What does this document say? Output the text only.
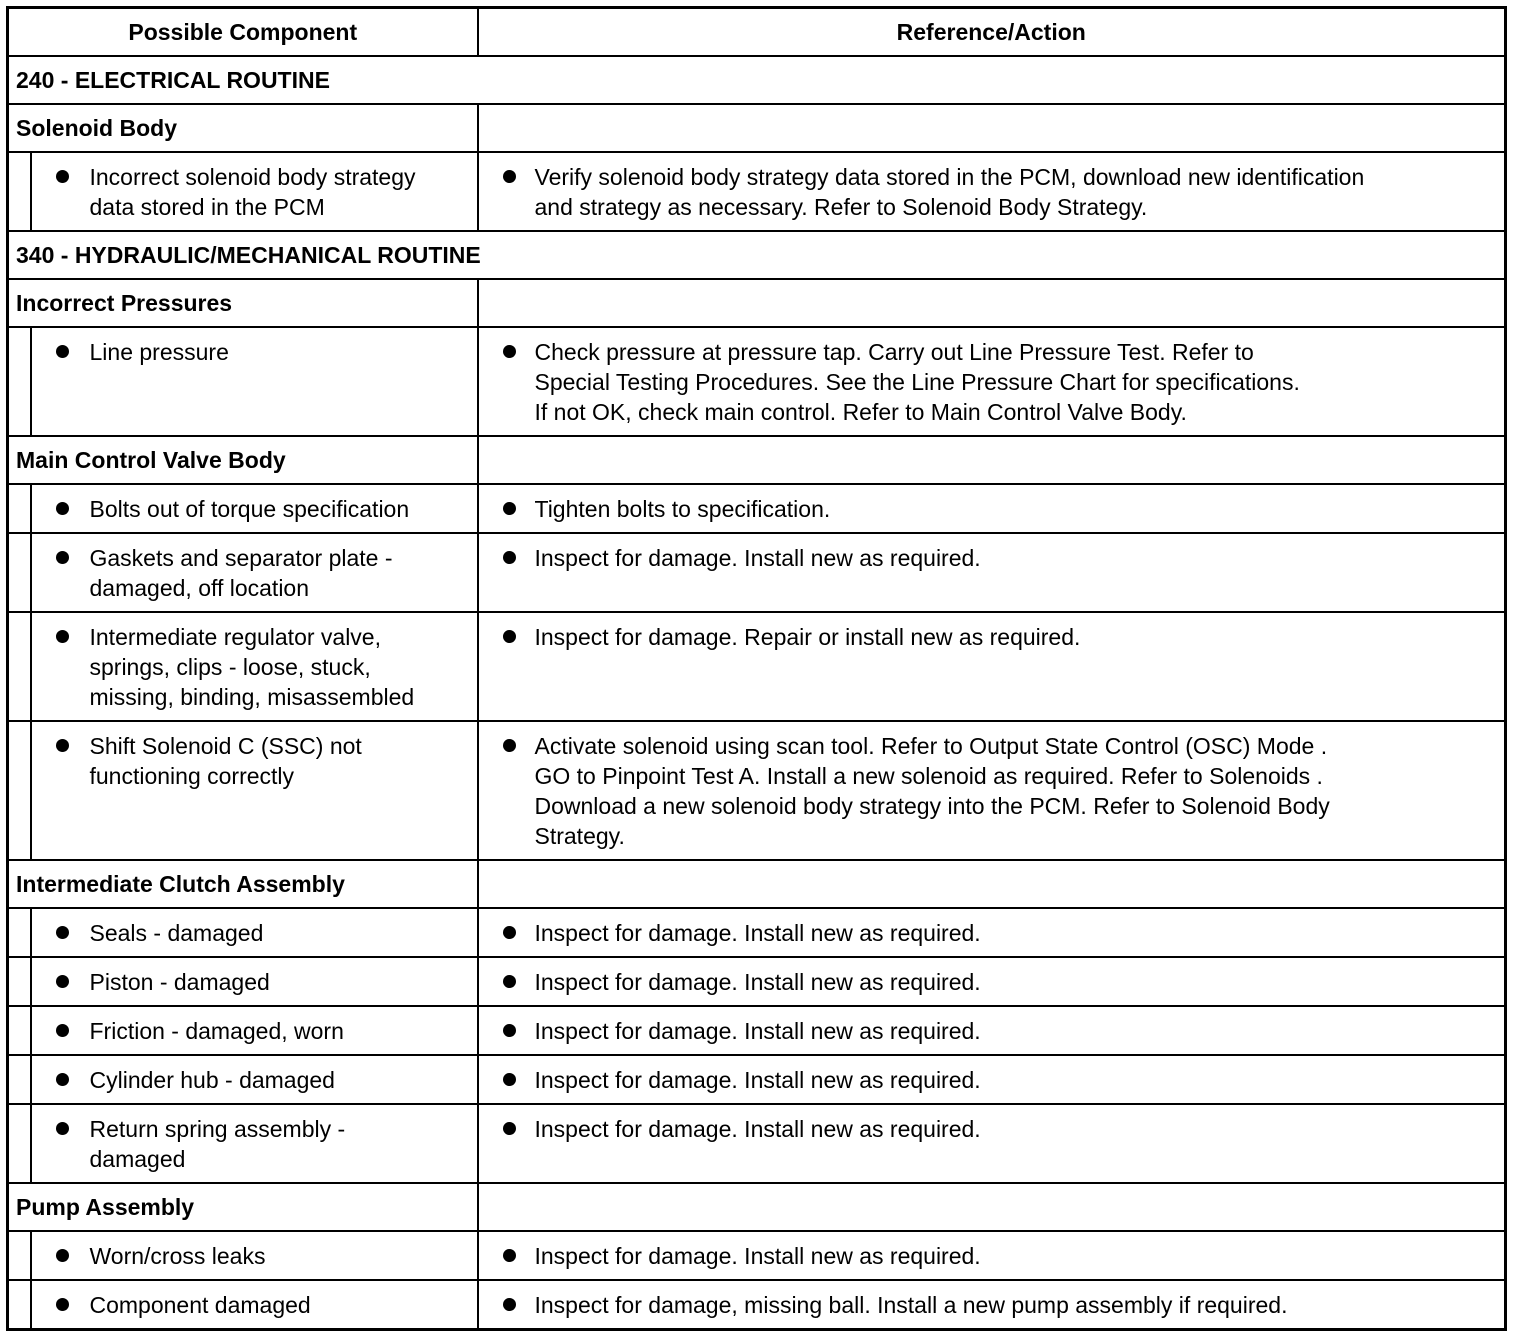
Possible Component		Reference/Action
240 - ELECTRICAL ROUTINE		
Solenoid Body		

	Incorrect solenoid body strategy
data stored in the PCM	Verify solenoid body strategy data stored in the PCM, download new identification
and strategy as necessary. Refer to Solenoid Body Strategy.

340 - HYDRAULIC/MECHANICAL ROUTINE		
Incorrect Pressures		

	Line pressure	Check pressure at pressure tap. Carry out Line Pressure Test. Refer to
Special Testing Procedures. See the Line Pressure Chart for specifications.
If not OK, check main control. Refer to Main Control Valve Body.

Main Control Valve Body		

	Bolts out of torque specification	Tighten bolts to specification.

	Gaskets and separator plate -
damaged, off location	Inspect for damage. Install new as required.

	Intermediate regulator valve,
springs, clips - loose, stuck,
missing, binding, misassembled	Inspect for damage. Repair or install new as required.

	Shift Solenoid C (SSC) not
functioning correctly	Activate solenoid using scan tool. Refer to Output State Control (OSC) Mode .
GO to Pinpoint Test A. Install a new solenoid as required. Refer to Solenoids .
Download a new solenoid body strategy into the PCM. Refer to Solenoid Body
Strategy.

Intermediate Clutch Assembly		

	Seals - damaged	Inspect for damage. Install new as required.

	Piston - damaged	Inspect for damage. Install new as required.

	Friction - damaged, worn	Inspect for damage. Install new as required.

	Cylinder hub - damaged	Inspect for damage. Install new as required.

	Return spring assembly -
damaged	Inspect for damage. Install new as required.

Pump Assembly		

	Worn/cross leaks	Inspect for damage. Install new as required.

	Component damaged	Inspect for damage, missing ball. Install a new pump assembly if required.
